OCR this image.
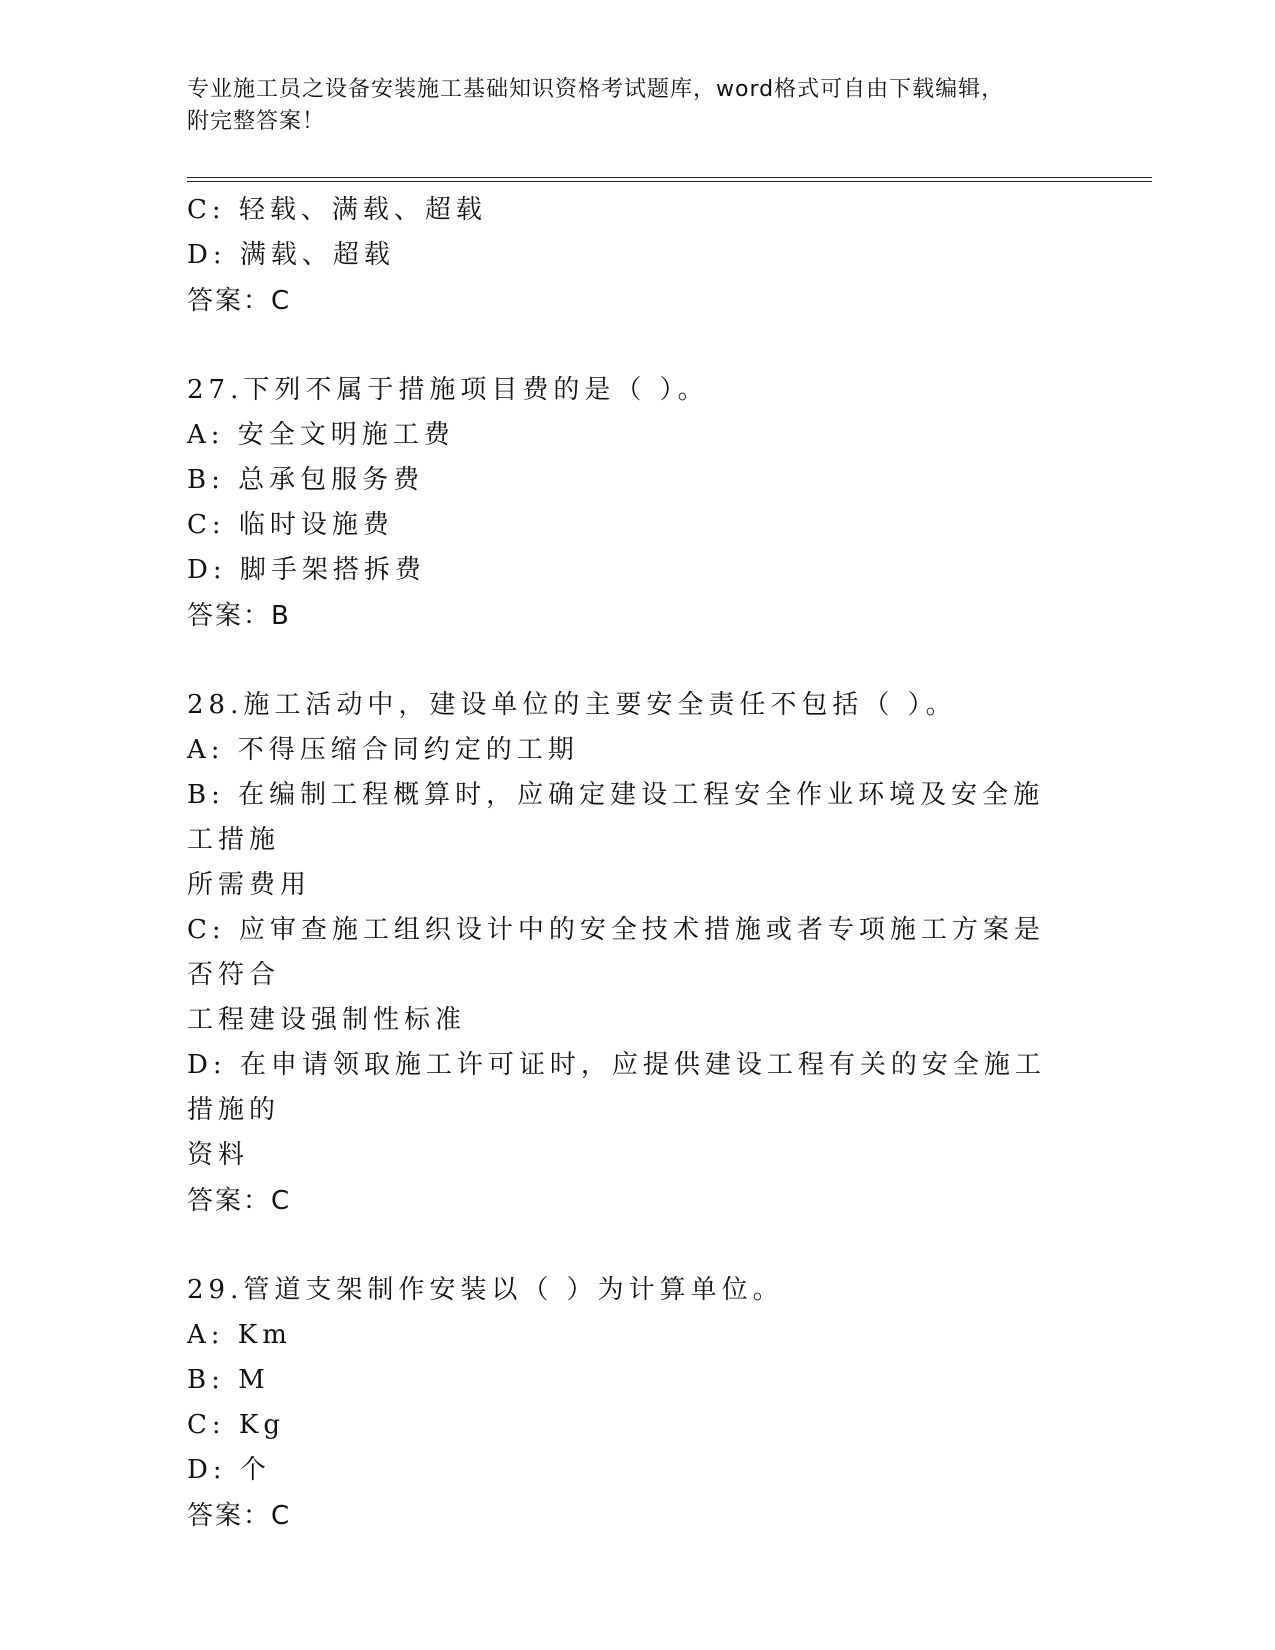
专业施工员之设备安装施工基础知识资格考试题库，word格式可自由下载编辑，
附完整答案！
C: 轻载、满载、超载
D: 满载、超载
答案：C
27.下列不属于措施项目费的是（ ）。
A: 安全文明施工费
B: 总承包服务费
C: 临时设施费
D: 脚手架搭拆费
答案：B
28.施工活动中，建设单位的主要安全责任不包括（ ）。
A: 不得压缩合同约定的工期
B: 在编制工程概算时，应确定建设工程安全作业环境及安全施工措施
所需费用
C: 应审查施工组织设计中的安全技术措施或者专项施工方案是否符合
工程建设强制性标准
D: 在申请领取施工许可证时，应提供建设工程有关的安全施工措施的
资料
答案：C
29.管道支架制作安装以（ ）为计算单位。
A: Km
B: M
C: Kg
D: 个
答案：C
